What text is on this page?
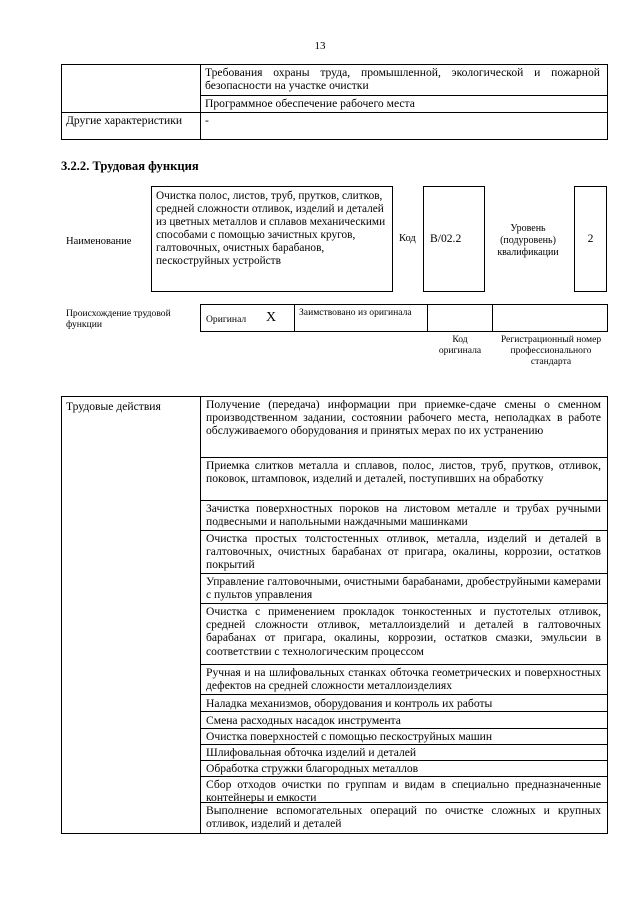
13
Требования охраны труда, промышленной, экологической и пожарной безопасности на участке очистки
Программное обеспечение рабочего места
Другие характеристики	-
3.2.2. Трудовая функция
Наименование
Очистка полос, листов, труб, прутков, слитков, средней сложности отливок, изделий и деталей из цветных металлов и сплавов механическими способами с помощью зачистных кругов, галтовочных, очистных барабанов, пескоструйных устройств
Код B/02.2
Уровень (подуровень) квалификации
2
Происхождение трудовой функции	Оригинал X Заимствовано из оригинала
Код оригинала
Регистрационный номер профессионального стандарта
Трудовые действия	Получение (передача) информации при приемке-сдаче смены о сменном производственном задании, состоянии рабочего места, неполадках в работе обслуживаемого оборудования и принятых мерах по их устранению
Приемка слитков металла и сплавов, полос, листов, труб, прутков, отливок, поковок, штамповок, изделий и деталей, поступивших на обработку
Зачистка поверхностных пороков на листовом металле и трубах ручными подвесными и напольными наждачными машинками
Очистка простых толстостенных отливок, металла, изделий и деталей в галтовочных, очистных барабанах от пригара, окалины, коррозии, остатков покрытий
Управление галтовочными, очистными барабанами, дробеструйными камерами с пультов управления
Очистка с применением прокладок тонкостенных и пустотелых отливок, средней сложности отливок, металлоизделий и деталей в галтовочных барабанах от пригара, окалины, коррозии, остатков смазки, эмульсии в соответствии с технологическим процессом
Ручная и на шлифовальных станках обточка геометрических и поверхностных дефектов на средней сложности металлоизделиях
Наладка механизмов, оборудования и контроль их работы
Смена расходных насадок инструмента
Очистка поверхностей с помощью пескоструйных машин
Шлифовальная обточка изделий и деталей
Обработка стружки благородных металлов
Сбор отходов очистки по группам и видам в специально предназначенные контейнеры и емкости
Выполнение вспомогательных операций по очистке сложных и крупных отливок, изделий и деталей
